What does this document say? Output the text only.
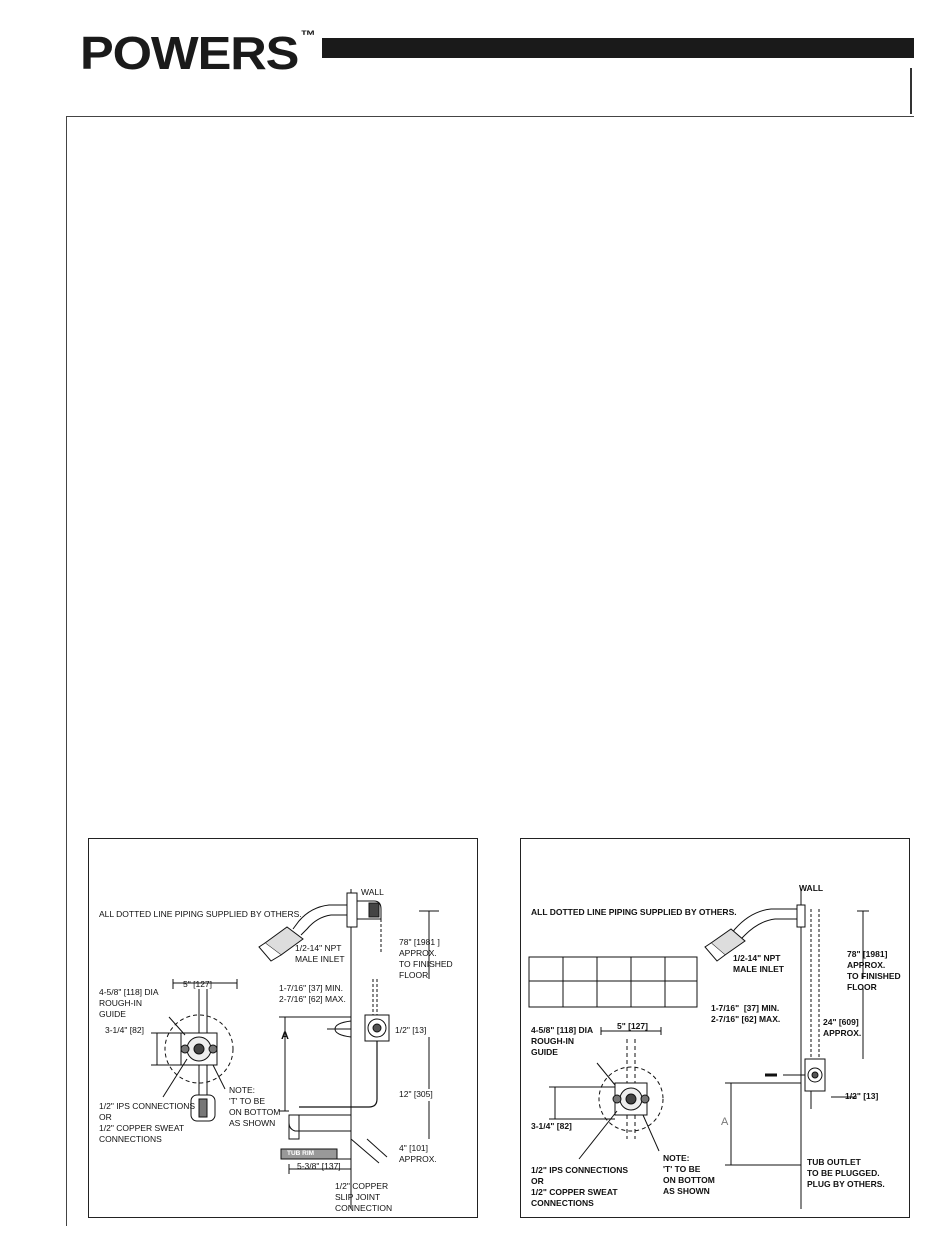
POWERS ™
ALL DOTTED LINE PIPING SUPPLIED BY OTHERS.
WALL
1/2-14" NPT
MALE INLET
78" [1981 ]
APPROX.
TO FINISHED
FLOOR
4-5/8" [118] DIA
ROUGH-IN
GUIDE
5" [127]	1-7/16" [37] MIN.
2-7/16" [62] MAX.
1/2" [13]
3-1/4" [82]	A
NOTE:
'T' TO BE
ON BOTTOM
AS SHOWN
1/2" IPS CONNECTIONS
OR
1/2" COPPER SWEAT
CONNECTIONS
12" [305]
4" [101]
APPROX.
5-3/8" [137]
TUB RIM
1/2" COPPER
SLIP JOINT
CONNECTION
ALL DOTTED LINE PIPING SUPPLIED BY OTHERS.
WALL
1/2-14" NPT
MALE INLET
78" [1981]
APPROX.
TO FINISHED
FLOOR
1-7/16"  [37] MIN.
2-7/16" [62] MAX.	24" [609]
APPROX.
1/2" [13]
4-5/8" [118] DIA
ROUGH-IN
GUIDE
5" [127]
3-1/4" [82]	A
NOTE:
'T' TO BE
ON BOTTOM
AS SHOWN
1/2" IPS CONNECTIONS
OR
1/2" COPPER SWEAT
CONNECTIONS
TUB OUTLET
TO BE PLUGGED.
PLUG BY OTHERS.
